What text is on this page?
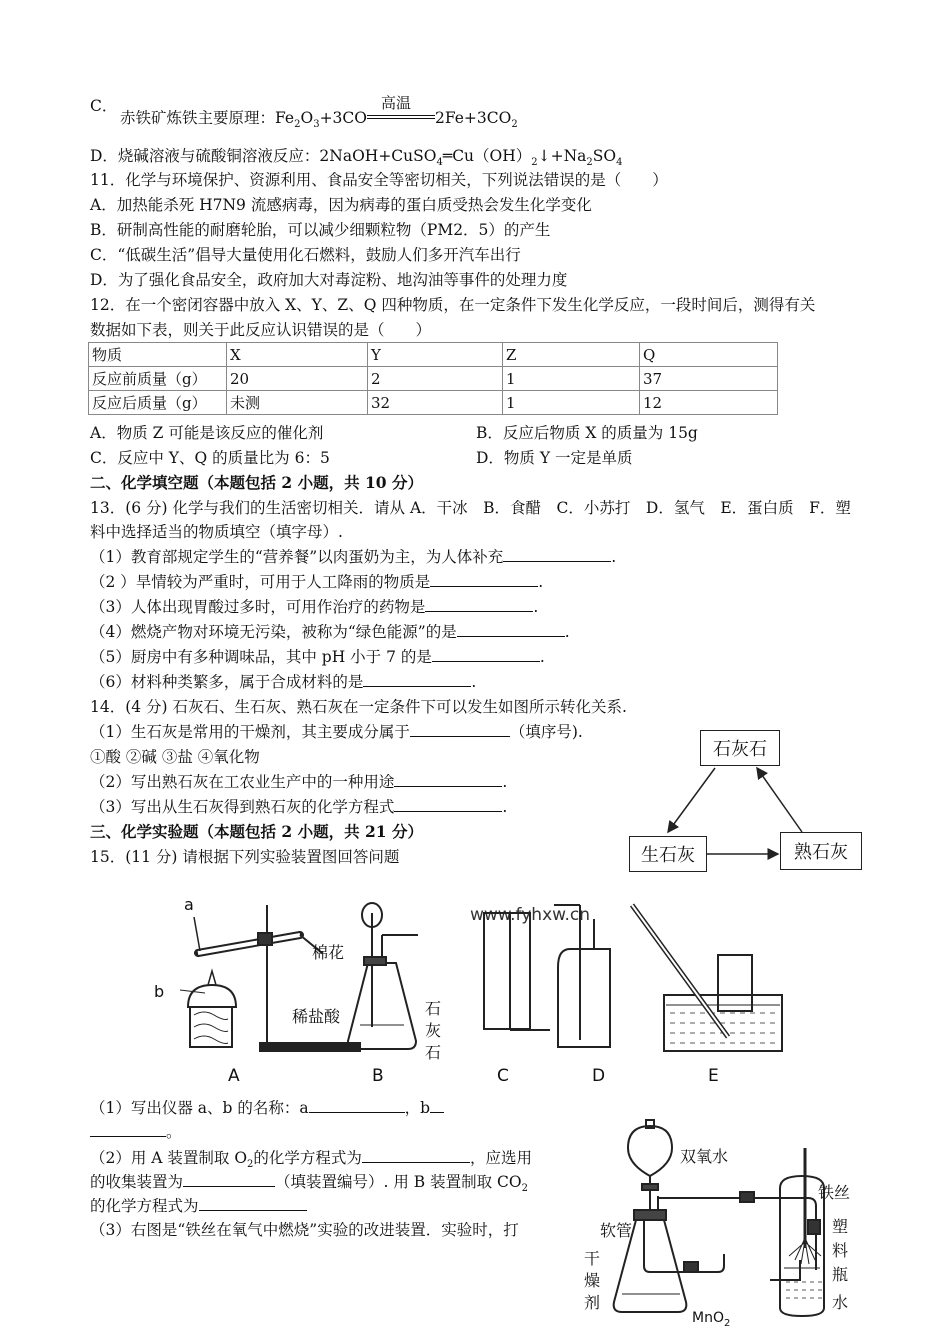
C．
赤铁矿炼铁主要原理：$Fe_2O_3+3CO$
高温
$2Fe+3CO_2$
D．烧碱溶液与硫酸铜溶液反应：$2NaOH+CuSO_4═Cu(OH)_2↓+Na_2SO_4$
11．化学与环境保护、资源利用、食品安全等密切相关，下列说法错误的是（　　）
A．加热能杀死 H7N9 流感病毒，因为病毒的蛋白质受热会发生化学变化
B．研制高性能的耐磨轮胎，可以减少细颗粒物（PM2．5）的产生
C．“低碳生活”倡导大量使用化石燃料，鼓励人们多开汽车出行
D．为了强化食品安全，政府加大对毒淀粉、地沟油等事件的处理力度
12．在一个密闭容器中放入 X、Y、Z、Q 四种物质，在一定条件下发生化学反应，一段时间后，测得有关
数据如下表，则关于此反应认识错误的是（　　）
物质	X	Y	Z	Q
反应前质量（g）	20	2	1	37
反应后质量（g）	未测	32	1	12
A．物质 Z 可能是该反应的催化剂	B．反应后物质 X 的质量为 15g
C．反应中 Y、Q 的质量比为 6：5	D．物质 Y 一定是单质
二、化学填空题（本题包括 2 小题，共 10 分）
13．(6 分) 化学与我们的生活密切相关．请从 A．干冰　B．食醋　C．小苏打　D．氢气　E．蛋白质　F．塑
料中选择适当的物质填空（填字母）.
（1）教育部规定学生的“营养餐”以肉蛋奶为主，为人体补充	.
（2 ）旱情较为严重时，可用于人工降雨的物质是	.
（3）人体出现胃酸过多时，可用作治疗的药物是	.
（4）燃烧产物对环境无污染，被称为“绿色能源”的是	.
（5）厨房中有多种调味品，其中 pH 小于 7 的是	.
（6）材料种类繁多，属于合成材料的是	.
14．(4 分) 石灰石、生石灰、熟石灰在一定条件下可以发生如图所示转化关系.
（1）生石灰是常用的干燥剂，其主要成分属于	（填序号).
①酸 ②碱 ③盐 ④氧化物
（2）写出熟石灰在工农业生产中的一种用途	.
（3）写出从生石灰得到熟石灰的化学方程式	.
石灰石
生石灰	熟石灰
三、化学实验题（本题包括 2 小题，共 21 分）
15．(11 分) 请根据下列实验装置图回答问题
www.fyhxw.cn
a
b
棉花
稀盐酸	石
灰
石
A	B	C	D	E
（1）写出仪器 a、b 的名称：a	，b
。
（2）用 A 装置制取 $O_2$的化学方程式为	，应选用
的收集装置为	（填装置编号）. 用 B 装置制取 $CO_2$
的化学方程式为
（3）右图是“铁丝在氧气中燃烧”实验的改进装置．实验时，打
双氧水
铁丝
软管
干
燥
剂
塑
料
瓶
水
MnO$_2$
